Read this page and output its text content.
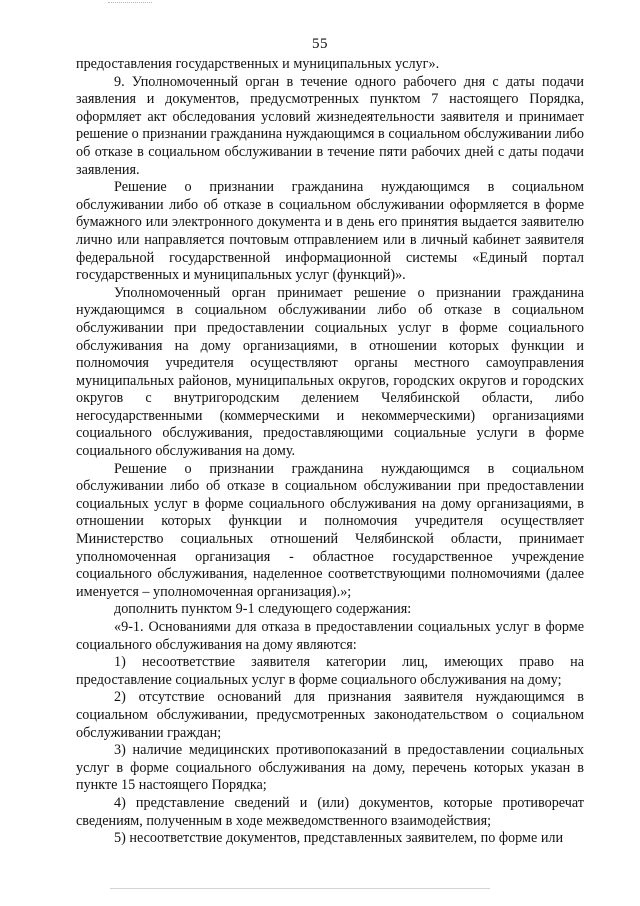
55

предоставления государственных и муниципальных услуг».

9. Уполномоченный орган в течение одного рабочего дня с даты подачи заявления и документов, предусмотренных пунктом 7 настоящего Порядка, оформляет акт обследования условий жизнедеятельности заявителя и принимает решение о признании гражданина нуждающимся в социальном обслуживании либо об отказе в социальном обслуживании в течение пяти рабочих дней с даты подачи заявления.

Решение о признании гражданина нуждающимся в социальном обслуживании либо об отказе в социальном обслуживании оформляется в форме бумажного или электронного документа и в день его принятия выдается заявителю лично или направляется почтовым отправлением или в личный кабинет заявителя федеральной государственной информационной системы «Единый портал государственных и муниципальных услуг (функций)».

Уполномоченный орган принимает решение о признании гражданина нуждающимся в социальном обслуживании либо об отказе в социальном обслуживании при предоставлении социальных услуг в форме социального обслуживания на дому организациями, в отношении которых функции и полномочия учредителя осуществляют органы местного самоуправления муниципальных районов, муниципальных округов, городских округов и городских округов с внутригородским делением Челябинской области, либо негосударственными (коммерческими и некоммерческими) организациями социального обслуживания, предоставляющими социальные услуги в форме социального обслуживания на дому.

Решение о признании гражданина нуждающимся в социальном обслуживании либо об отказе в социальном обслуживании при предоставлении социальных услуг в форме социального обслуживания на дому организациями, в отношении которых функции и полномочия учредителя осуществляет Министерство социальных отношений Челябинской области, принимает уполномоченная организация - областное государственное учреждение социального обслуживания, наделенное соответствующими полномочиями (далее именуется – уполномоченная организация).»;

дополнить пунктом 9-1 следующего содержания:

«9-1. Основаниями для отказа в предоставлении социальных услуг в форме социального обслуживания на дому являются:

1) несоответствие заявителя категории лиц, имеющих право на предоставление социальных услуг в форме социального обслуживания на дому;

2) отсутствие оснований для признания заявителя нуждающимся в социальном обслуживании, предусмотренных законодательством о социальном обслуживании граждан;

3) наличие медицинских противопоказаний в предоставлении социальных услуг в форме социального обслуживания на дому, перечень которых указан в пункте 15 настоящего Порядка;

4) представление сведений и (или) документов, которые противоречат сведениям, полученным в ходе межведомственного взаимодействия;

5) несоответствие документов, представленных заявителем, по форме или
